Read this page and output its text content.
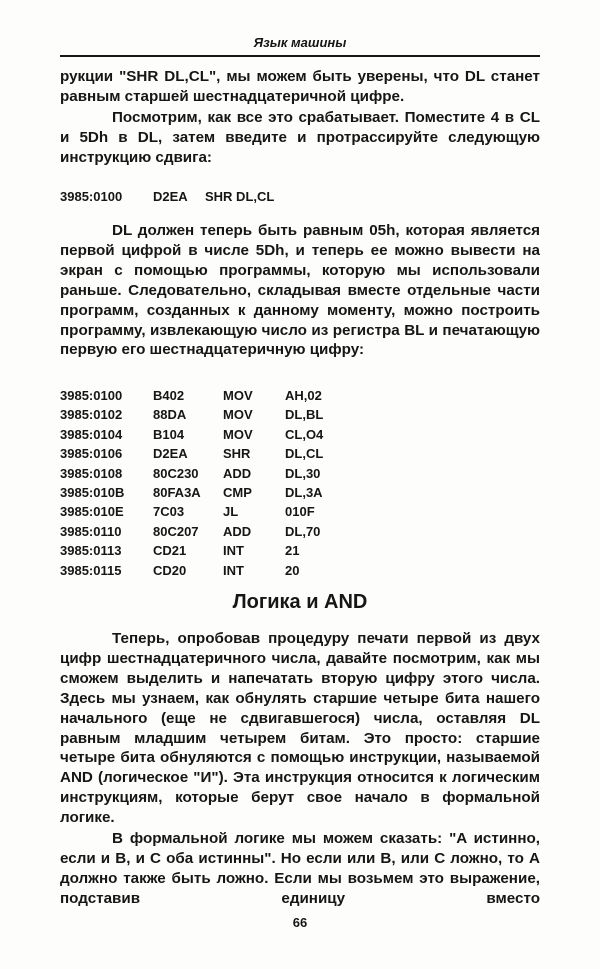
Язык машины

рукции "SHR DL,CL", мы можем быть уверены, что DL станет равным старшей шестнадцатеричной цифре.

Посмотрим, как все это срабатывает. Поместите 4 в CL и 5Dh в DL, затем введите и протрассируйте следующую инструкцию сдвига:

3985:0100 D2EA SHR DL,CL

DL должен теперь быть равным 05h, которая является первой цифрой в числе 5Dh, и теперь ее можно вывести на экран с помощью программы, которую мы использовали раньше. Следовательно, складывая вместе отдельные части программ, созданных к данному моменту, можно построить программу, извлекающую число из регистра BL и печатающую первую его шестнадцатеричную цифру:

3985:0100 B402	MOV AH,02
3985:0102 88DA	MOV DL,BL
3985:0104 B104	MOV CL,O4
3985:0106 D2EA	SHR	DL,CL
3985:0108 80C230 ADD	DL,30
3985:010B 80FA3A CMP	DL,3A
3985:010E 7C03	JL	010F
3985:0110 80C207 ADD	DL,70
3985:0113 CD21	INT	21
3985:0115 CD20	INT	20
Логика и AND

Теперь, опробовав процедуру печати первой из двух цифр шестнадцатеричного числа, давайте посмотрим, как мы сможем выделить и напечатать вторую цифру этого числа. Здесь мы узнаем, как обнулять старшие четыре бита нашего начального (еще не сдвигавшегося) числа, оставляя DL равным младшим четырем битам. Это просто: старшие четыре бита обнуляются с помощью инструкции, называемой AND (логическое "И"). Эта инструкция относится к логическим инструкциям, которые берут свое начало в формальной логике.

В формальной логике мы можем сказать: "A истинно, если и B, и C оба истинны". Но если или B, или C ложно, то A должно также быть ложно. Если мы возьмем это выражение, подставив единицу вместо

66
